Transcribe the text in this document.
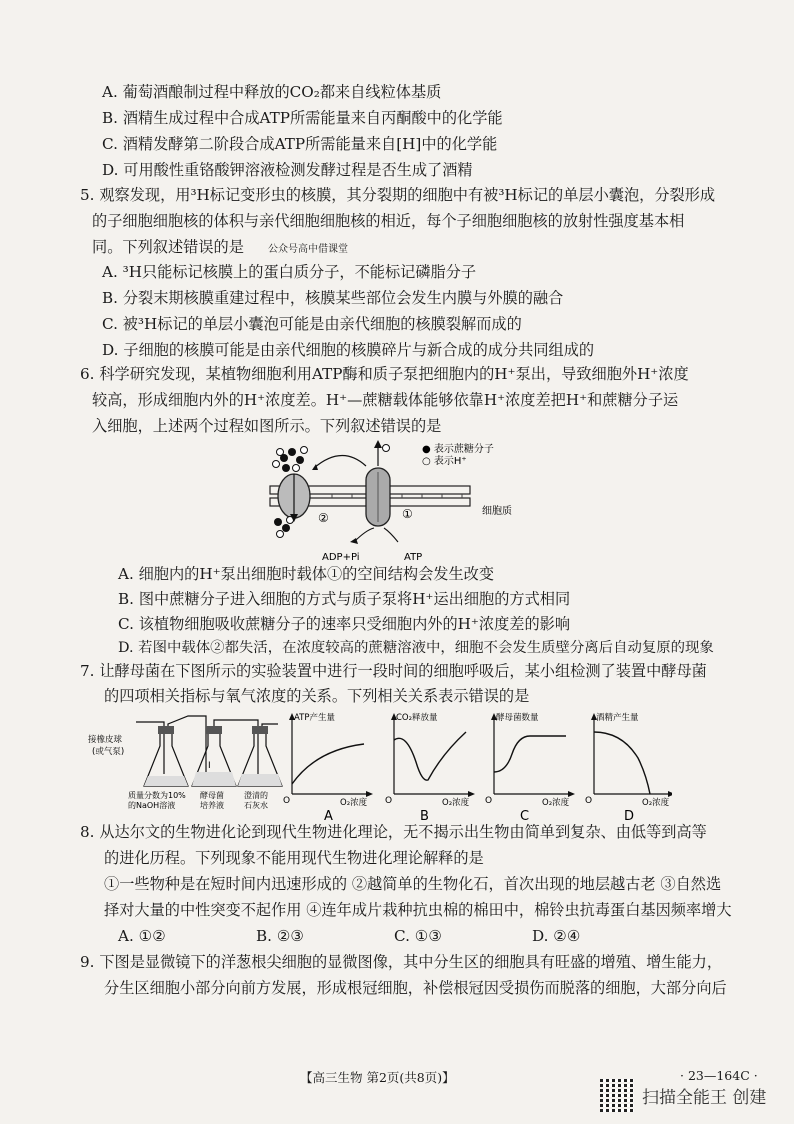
A. 葡萄酒酿制过程中释放的CO₂都来自线粒体基质
B. 酒精生成过程中合成ATP所需能量来自丙酮酸中的化学能
C. 酒精发酵第二阶段合成ATP所需能量来自[H]中的化学能
D. 可用酸性重铬酸钾溶液检测发酵过程是否生成了酒精
5. 观察发现，用³H标记变形虫的核膜，其分裂期的细胞中有被³H标记的单层小囊泡，分裂形成
的子细胞细胞核的体积与亲代细胞细胞核的相近，每个子细胞细胞核的放射性强度基本相
同。下列叙述错误的是 公众号高中借课堂
A. ³H只能标记核膜上的蛋白质分子，不能标记磷脂分子
B. 分裂末期核膜重建过程中，核膜某些部位会发生内膜与外膜的融合
C. 被³H标记的单层小囊泡可能是由亲代细胞的核膜裂解而成的
D. 子细胞的核膜可能是由亲代细胞的核膜碎片与新合成的成分共同组成的
6. 科学研究发现，某植物细胞利用ATP酶和质子泵把细胞内的H⁺泵出，导致细胞外H⁺浓度
较高，形成细胞内外的H⁺浓度差。H⁺—蔗糖载体能够依靠H⁺浓度差把H⁺和蔗糖分子运
入细胞，上述两个过程如图所示。下列叙述错误的是
● 表示蔗糖分子
○ 表示H⁺
细胞质
②	①
ADP+Pi	ATP
A. 细胞内的H⁺泵出细胞时载体①的空间结构会发生改变
B. 图中蔗糖分子进入细胞的方式与质子泵将H⁺运出细胞的方式相同
C. 该植物细胞吸收蔗糖分子的速率只受细胞内外的H⁺浓度差的影响
D. 若图中载体②都失活，在浓度较高的蔗糖溶液中，细胞不会发生质壁分离后自动复原的现象
7. 让酵母菌在下图所示的实验装置中进行一段时间的细胞呼吸后，某小组检测了装置中酵母菌
的四项相关指标与氧气浓度的关系。下列相关关系表示错误的是
接橡皮球
(或气泵)
Ⅰ
质量分数为10%
的NaOH溶液
酵母菌
培养液
澄清的
石灰水
ATP产生量
O	O₂浓度
A
CO₂释放量
O	O₂浓度
B
酵母菌数量
O	O₂浓度
C
酒精产生量
O	O₂浓度
D
8. 从达尔文的生物进化论到现代生物进化理论，无不揭示出生物由简单到复杂、由低等到高等
的进化历程。下列现象不能用现代生物进化理论解释的是
①一些物种是在短时间内迅速形成的 ②越简单的生物化石，首次出现的地层越古老 ③自然选
择对大量的中性突变不起作用 ④连年成片栽种抗虫棉的棉田中，棉铃虫抗毒蛋白基因频率增大
A. ①②	B. ②③	C. ①③	D. ②④
9. 下图是显微镜下的洋葱根尖细胞的显微图像，其中分生区的细胞具有旺盛的增殖、增生能力，
分生区细胞小部分向前方发展，形成根冠细胞，补偿根冠因受损伤而脱落的细胞，大部分向后
【高三生物 第2页(共8页)】	· 23—164C ·
扫描全能王 创建
